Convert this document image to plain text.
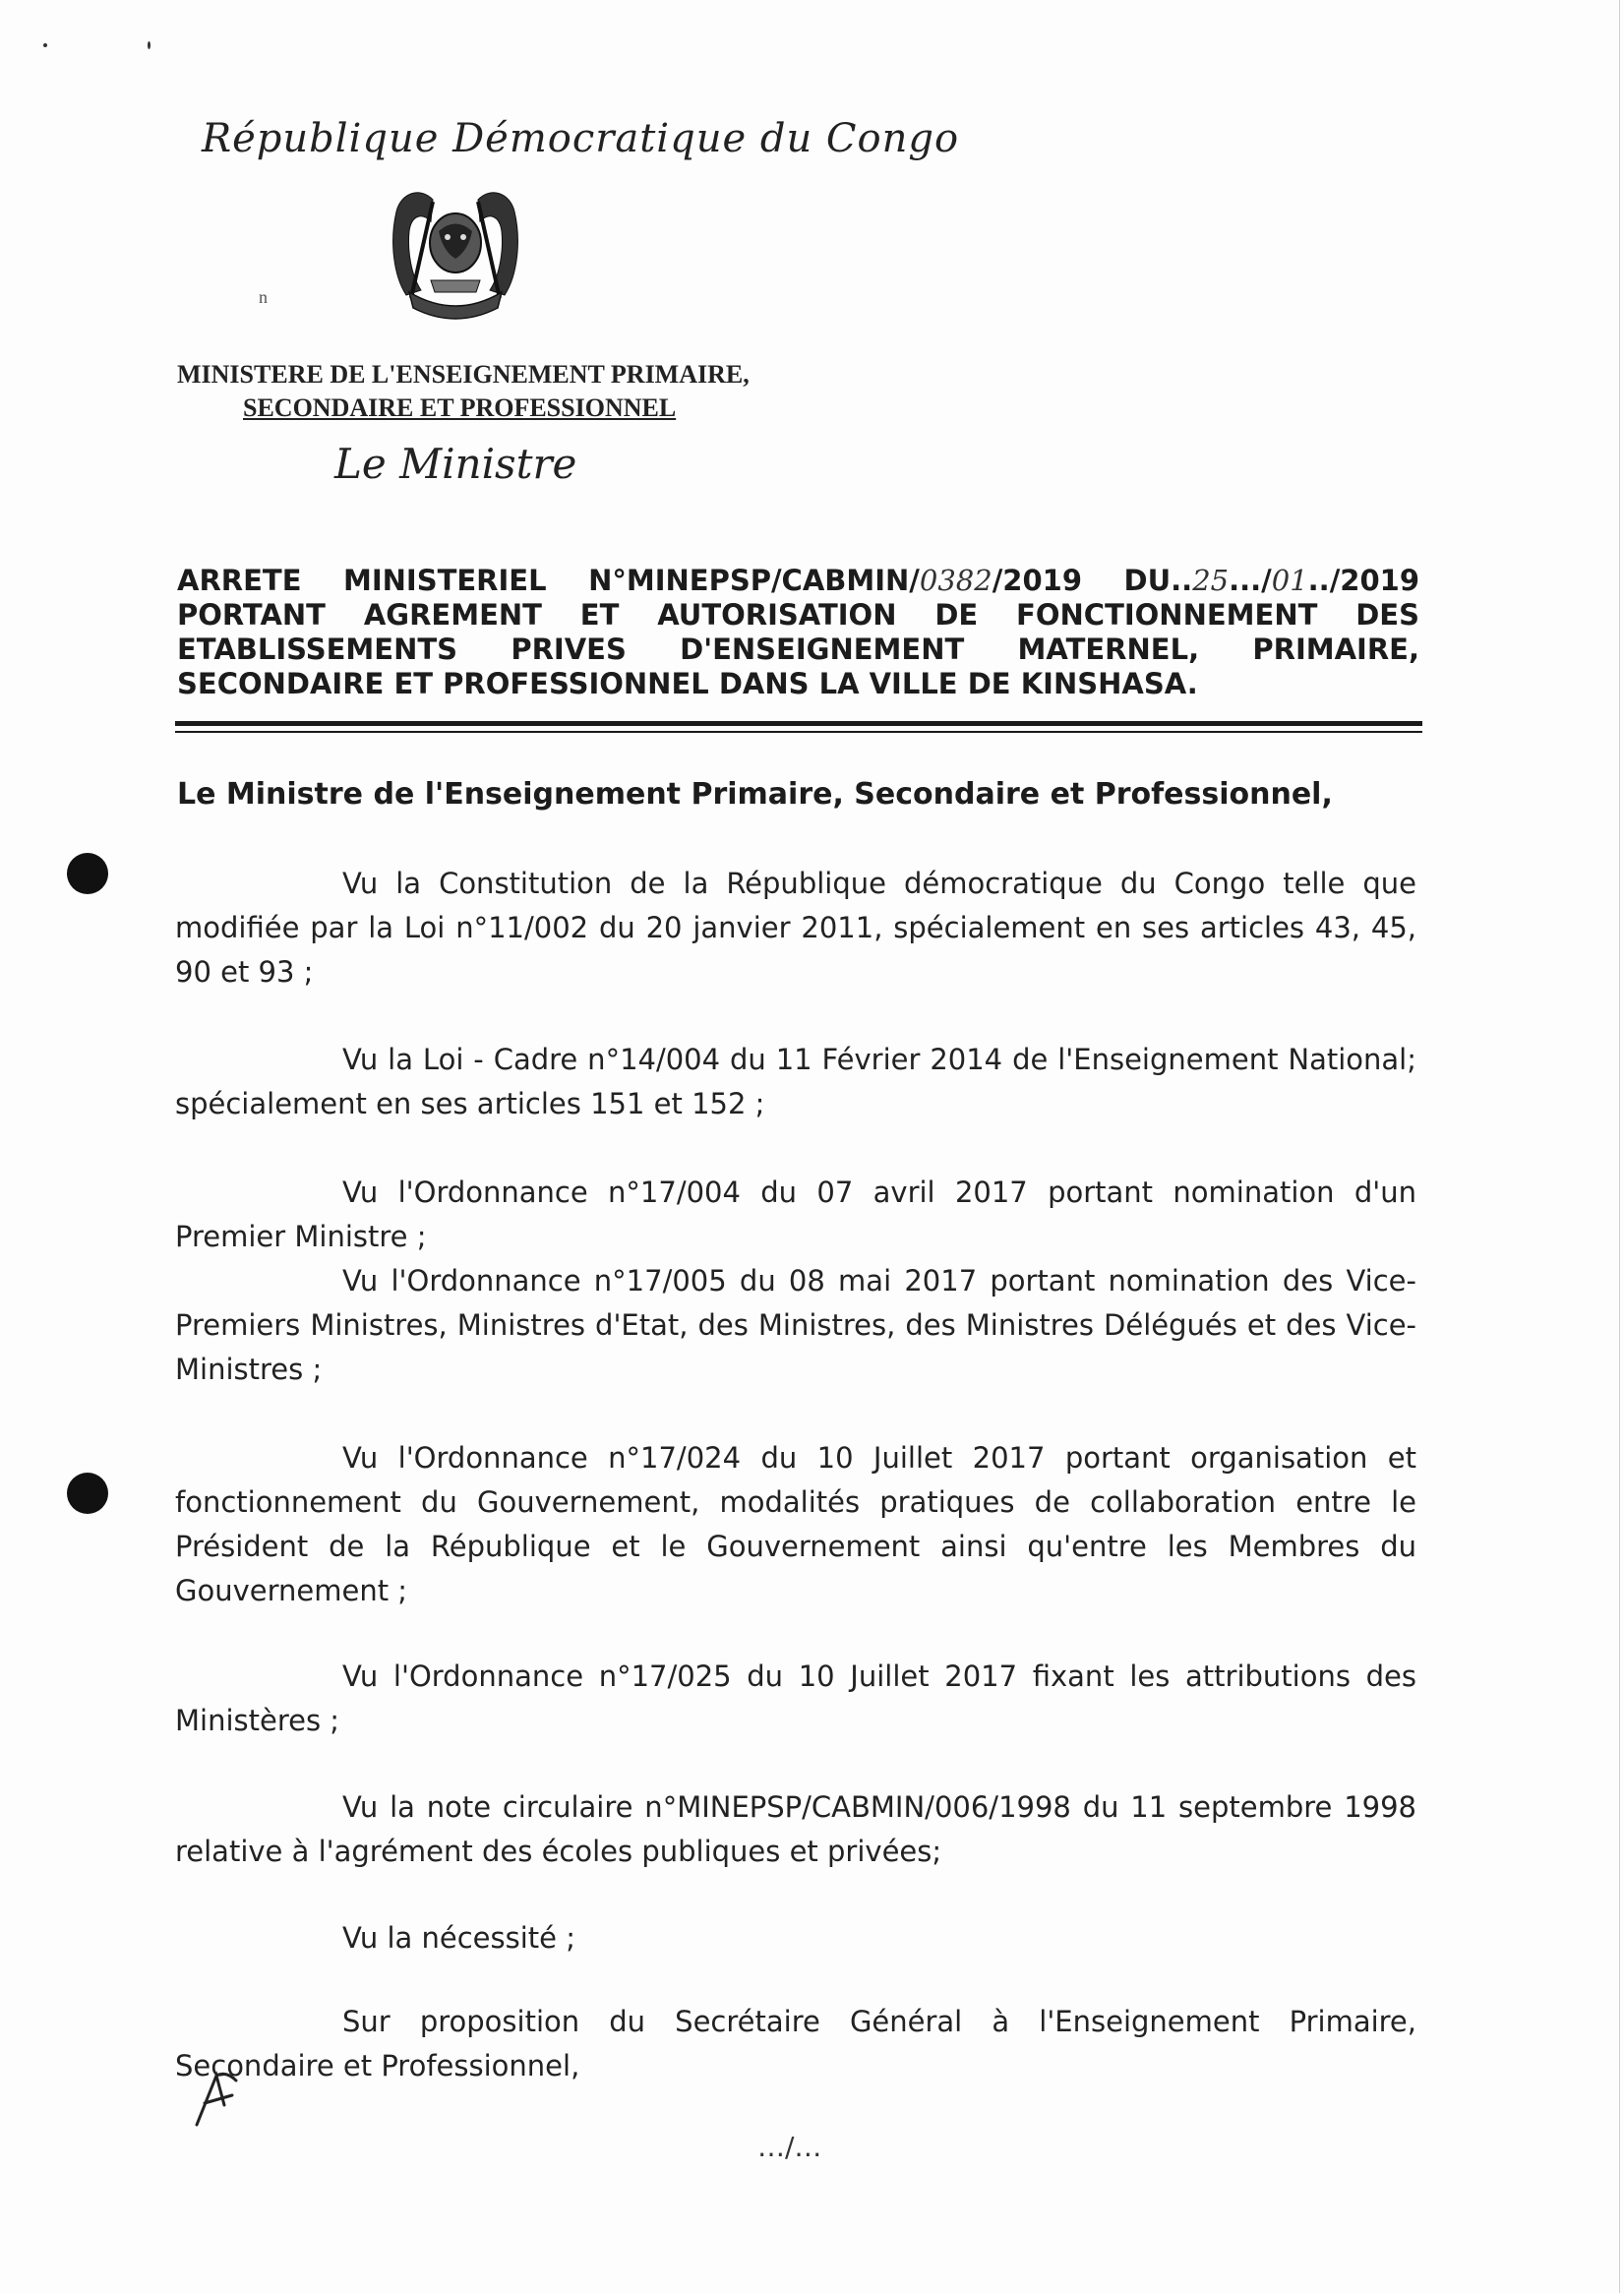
République Démocratique du Congo
n
MINISTERE DE L'ENSEIGNEMENT PRIMAIRE,
SECONDAIRE ET PROFESSIONNEL
Le Ministre
ARRETE MINISTERIEL N°MINEPSP/CABMIN/0382/2019 DU..25.../01../2019
PORTANT AGREMENT ET AUTORISATION DE FONCTIONNEMENT DES
ETABLISSEMENTS PRIVES D'ENSEIGNEMENT MATERNEL, PRIMAIRE,
SECONDAIRE ET PROFESSIONNEL DANS LA VILLE DE KINSHASA.
Le Ministre de l'Enseignement Primaire, Secondaire et Professionnel,
Vu la Constitution de la République démocratique du Congo telle que modifiée par la Loi n°11/002 du 20 janvier 2011, spécialement en ses articles 43, 45, 90 et 93 ;
Vu la Loi - Cadre n°14/004 du 11 Février 2014 de l'Enseignement National; spécialement en ses articles 151 et 152 ;
Vu l'Ordonnance n°17/004 du 07 avril 2017 portant nomination d'un Premier Ministre ;
Vu l'Ordonnance n°17/005 du 08 mai 2017 portant nomination des Vice-Premiers Ministres, Ministres d'Etat, des Ministres, des Ministres Délégués et des Vice-Ministres ;
Vu l'Ordonnance n°17/024 du 10 Juillet 2017 portant organisation et fonctionnement du Gouvernement, modalités pratiques de collaboration entre le Président de la République et le Gouvernement ainsi qu'entre les Membres du Gouvernement ;
Vu l'Ordonnance n°17/025 du 10 Juillet 2017 fixant les attributions des Ministères ;
Vu la note circulaire n°MINEPSP/CABMIN/006/1998 du 11 septembre 1998 relative à l'agrément des écoles publiques et privées;
Vu la nécessité ;
Sur proposition du Secrétaire Général à l'Enseignement Primaire, Secondaire et Professionnel,
…/…
